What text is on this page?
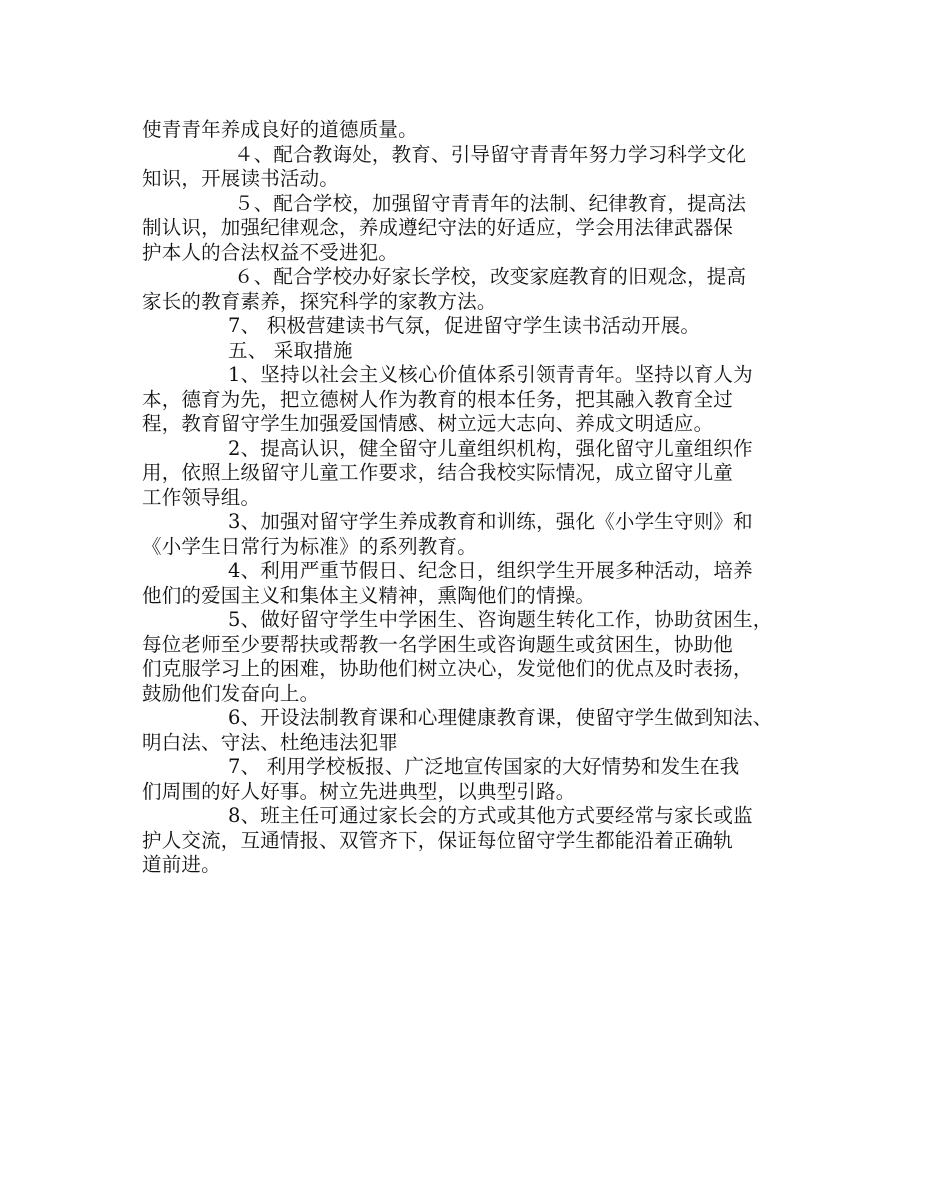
使青青年养成良好的道德质量。

４、配合教诲处，教育、引导留守青青年努力学习科学文化
知识，开展读书活动。

５、配合学校，加强留守青青年的法制、纪律教育，提高法
制认识，加强纪律观念，养成遵纪守法的好适应，学会用法律武器保
护本人的合法权益不受进犯。

６、配合学校办好家长学校，改变家庭教育的旧观念，提高
家长的教育素养，探究科学的家教方法。

7、 积极营建读书气氛，促进留守学生读书活动开展。

五、 采取措施

1、坚持以社会主义核心价值体系引领青青年。坚持以育人为
本，德育为先，把立德树人作为教育的根本任务，把其融入教育全过
程，教育留守学生加强爱国情感、树立远大志向、养成文明适应。

2、提高认识，健全留守儿童组织机构，强化留守儿童组织作
用，依照上级留守儿童工作要求，结合我校实际情况，成立留守儿童
工作领导组。

3、加强对留守学生养成教育和训练，强化《小学生守则》和
《小学生日常行为标准》的系列教育。

4、利用严重节假日、纪念日，组织学生开展多种活动，培养
他们的爱国主义和集体主义精神，熏陶他们的情操。

5、做好留守学生中学困生、咨询题生转化工作，协助贫困生，
每位老师至少要帮扶或帮教一名学困生或咨询题生或贫困生，协助他
们克服学习上的困难，协助他们树立决心，发觉他们的优点及时表扬，
鼓励他们发奋向上。

6、开设法制教育课和心理健康教育课，使留守学生做到知法、
明白法、守法、杜绝违法犯罪

7、 利用学校板报、广泛地宣传国家的大好情势和发生在我
们周围的好人好事。树立先进典型，以典型引路。

8、班主任可通过家长会的方式或其他方式要经常与家长或监
护人交流，互通情报、双管齐下，保证每位留守学生都能沿着正确轨
道前进。
